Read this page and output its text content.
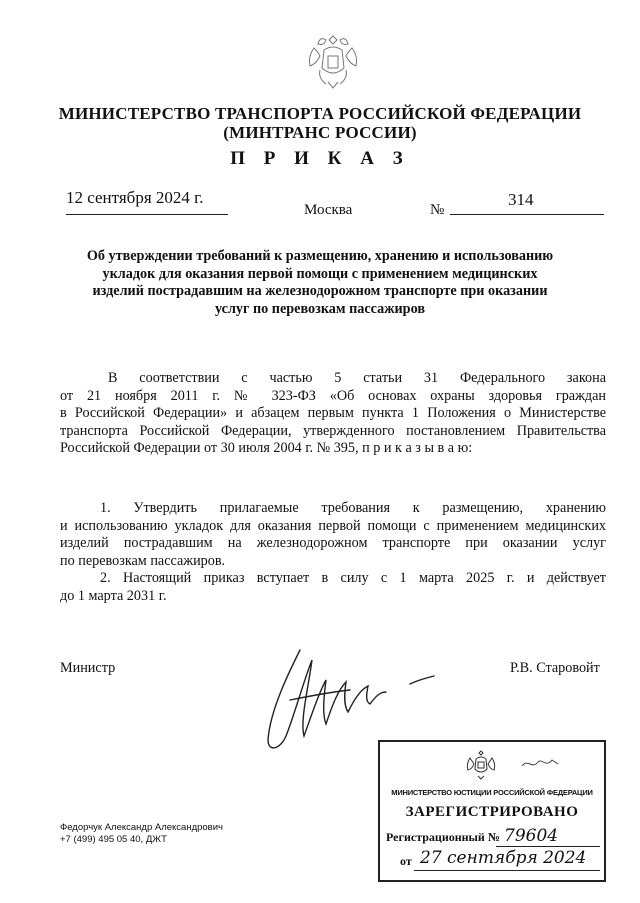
МИНИСТЕРСТВО ТРАНСПОРТА РОССИЙСКОЙ ФЕДЕРАЦИИ
(МИНТРАНС РОССИИ)
П Р И К А З
12 сентября 2024 г.
Москва	№
314
Об утверждении требований к размещению, хранению и использованию
укладок для оказания первой помощи с применением медицинских
изделий пострадавшим на железнодорожном транспорте при оказании
услуг по перевозкам пассажиров
В соответствии с частью 5 статьи 31 Федерального закона
от 21 ноября 2011 г. № 323-ФЗ «Об основах охраны здоровья граждан
в Российской Федерации» и абзацем первым пункта 1 Положения о Министерстве
транспорта Российской Федерации, утвержденного постановлением Правительства
Российской Федерации от 30 июля 2004 г. № 395, п р и к а з ы в а ю:
1. Утвердить прилагаемые требования к размещению, хранению
и использованию укладок для оказания первой помощи с применением медицинских
изделий пострадавшим на железнодорожном транспорте при оказании услуг
по перевозкам пассажиров.
2. Настоящий приказ вступает в силу с 1 марта 2025 г. и действует
до 1 марта 2031 г.
Министр	Р.В. Старовойт
Федорчук Александр Александрович
+7 (499) 495 05 40, ДЖТ
МИНИСТЕРСТВО ЮСТИЦИИ РОССИЙСКОЙ ФЕДЕРАЦИИ
ЗАРЕГИСТРИРОВАНО
Регистрационный № 79604
от 27 сентября 2024
